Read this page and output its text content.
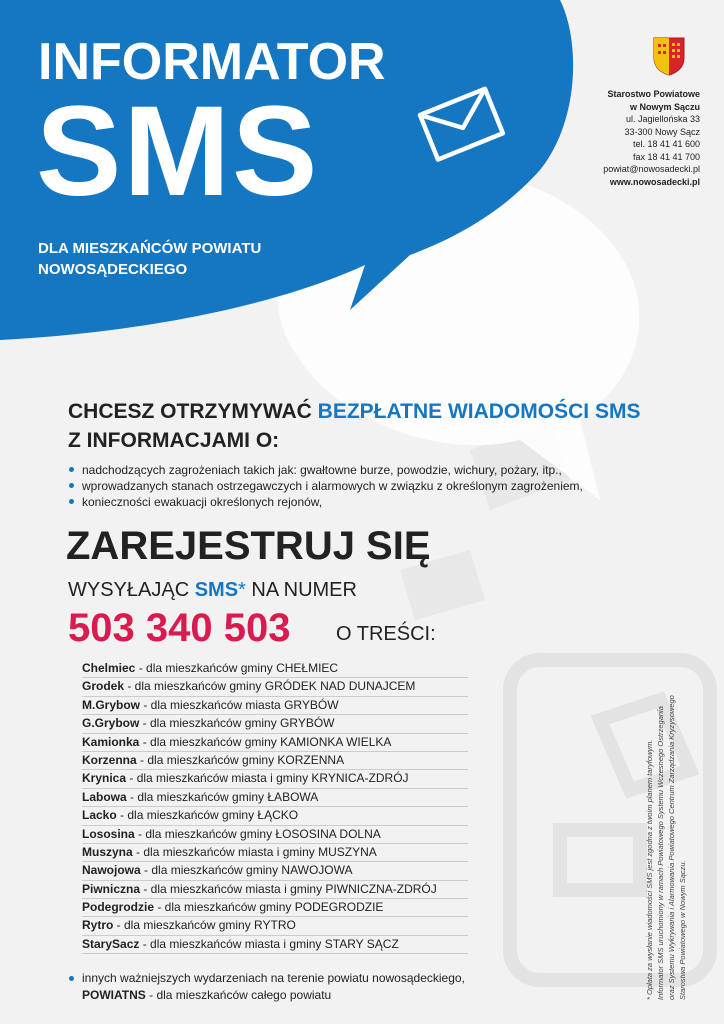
INFORMATOR
SMS
DLA MIESZKAŃCÓW POWIATU
NOWOSĄDECKIEGO
Starostwo Powiatowe
w Nowym Sączu
ul. Jagiellońska 33
33-300 Nowy Sącz
tel. 18 41 41 600
fax 18 41 41 700
powiat@nowosadecki.pl
www.nowosadecki.pl
CHCESZ OTRZYMYWAĆ BEZPŁATNE WIADOMOŚCI SMS
Z INFORMACJAMI O:
nadchodzących zagrożeniach takich jak: gwałtowne burze, powodzie, wichury, pożary, itp.,
wprowadzanych stanach ostrzegawczych i alarmowych w związku z określonym zagrożeniem,
konieczności ewakuacji określonych rejonów,
ZAREJESTRUJ SIĘ
WYSYŁAJĄC SMS* NA NUMER
503 340 503 O TREŚCI:
Chelmiec - dla mieszkańców gminy CHEŁMIEC
Grodek - dla mieszkańców gminy GRÓDEK NAD DUNAJCEM
M.Grybow - dla mieszkańców miasta GRYBÓW
G.Grybow - dla mieszkańców gminy GRYBÓW
Kamionka - dla mieszkańców gminy KAMIONKA WIELKA
Korzenna - dla mieszkańców gminy KORZENNA
Krynica - dla mieszkańców miasta i gminy KRYNICA-ZDRÓJ
Labowa - dla mieszkańców gminy ŁABOWA
Lacko - dla mieszkańców gminy ŁĄCKO
Lososina - dla mieszkańców gminy ŁOSOSINA DOLNA
Muszyna - dla mieszkańców miasta i gminy MUSZYNA
Nawojowa - dla mieszkańców gminy NAWOJOWA
Piwniczna - dla mieszkańców miasta i gminy PIWNICZNA-ZDRÓJ
Podegrodzie - dla mieszkańców gminy PODEGRODZIE
Rytro - dla mieszkańców gminy RYTRO
StarySacz - dla mieszkańców miasta i gminy STARY SĄCZ
innych ważniejszych wydarzeniach na terenie powiatu nowosądeckiego,
POWIATNS - dla mieszkańców całego powiatu	* Opłata za wysłanie wiadomości SMS jest zgodna z twoim planem taryfowym. Informator SMS uruchomiony w ramach Powiatowego Systemu Wczesnego Ostrzegania oraz Systemu Wykrywania i Alarmowania Powiatowego Centrum Zarządzania Kryzysowego Starostwa Powiatowego w Nowym Sączu.
